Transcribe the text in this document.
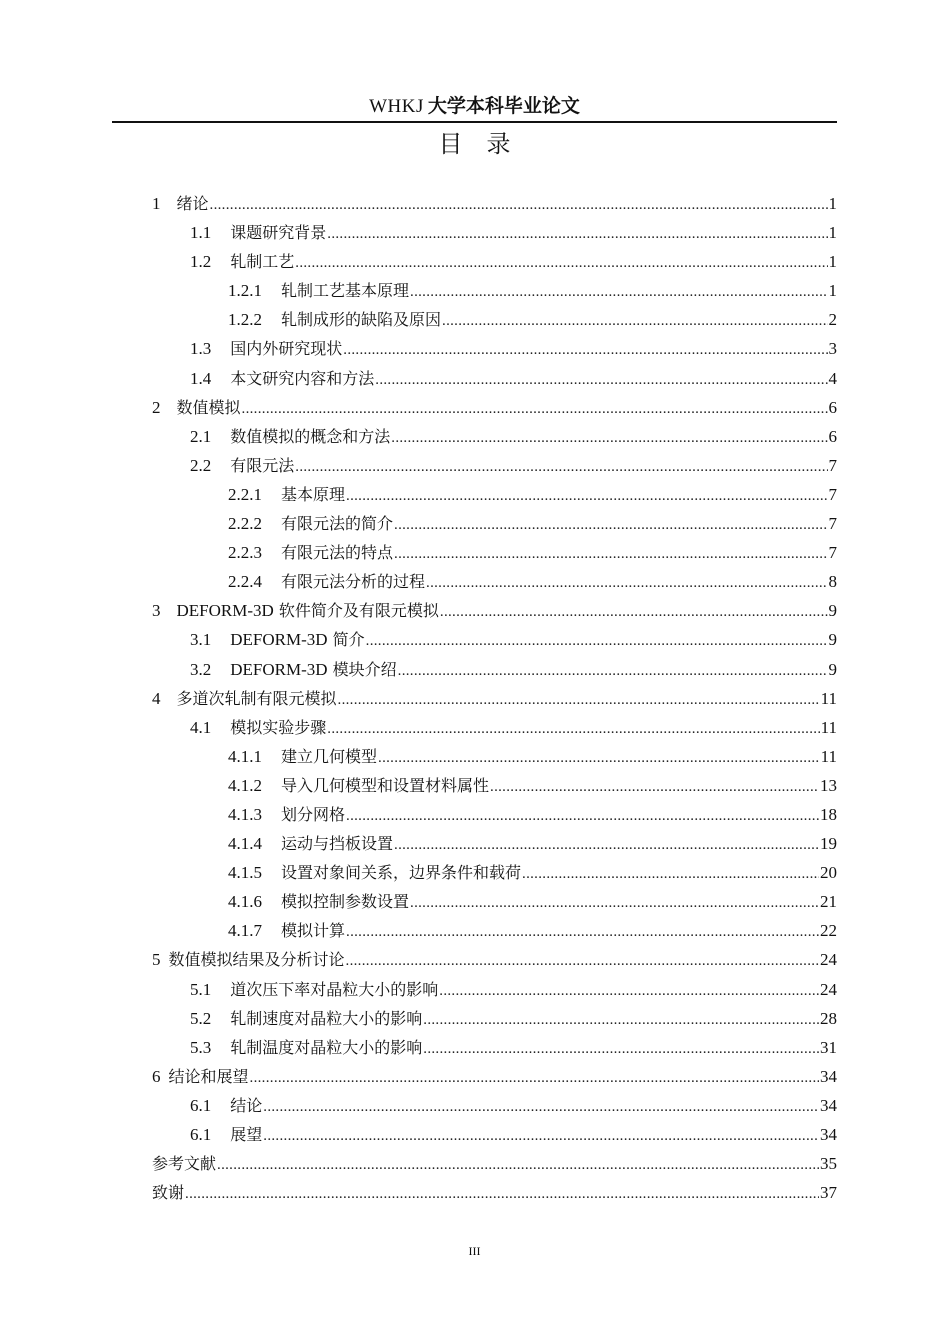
WHKJ 大学本科毕业论文
目录
1 绪论 .....	1
1.1 课题研究背景 .....	1
1.2 轧制工艺 .....	1
1.2.1 轧制工艺基本原理 .....	1
1.2.2 轧制成形的缺陷及原因 .....	2
1.3 国内外研究现状 .....	3
1.4 本文研究内容和方法 .....	4
2 数值模拟 .....	6
2.1 数值模拟的概念和方法 .....	6
2.2 有限元法 .....	7
2.2.1 基本原理 .....	7
2.2.2 有限元法的简介 .....	7
2.2.3 有限元法的特点 .....	7
2.2.4 有限元法分析的过程 .....	8
3 DEFORM-3D 软件简介及有限元模拟 .....	9
3.1 DEFORM-3D 简介 .....	9
3.2 DEFORM-3D 模块介绍 .....	9
4 多道次轧制有限元模拟 .....	11
4.1 模拟实验步骤 .....	11
4.1.1 建立几何模型 .....	11
4.1.2 导入几何模型和设置材料属性 .....	13
4.1.3 划分网格 .....	18
4.1.4 运动与挡板设置 .....	19
4.1.5 设置对象间关系，边界条件和载荷 .....	20
4.1.6 模拟控制参数设置 .....	21
4.1.7 模拟计算 .....	22
5 数值模拟结果及分析讨论 .....	24
5.1 道次压下率对晶粒大小的影响 .....	24
5.2 轧制速度对晶粒大小的影响 .....	28
5.3 轧制温度对晶粒大小的影响 .....	31
6 结论和展望 .....	34
6.1 结论 .....	34
6.1 展望 .....	34
参考文献 .....	35
致谢 .....	37
III
